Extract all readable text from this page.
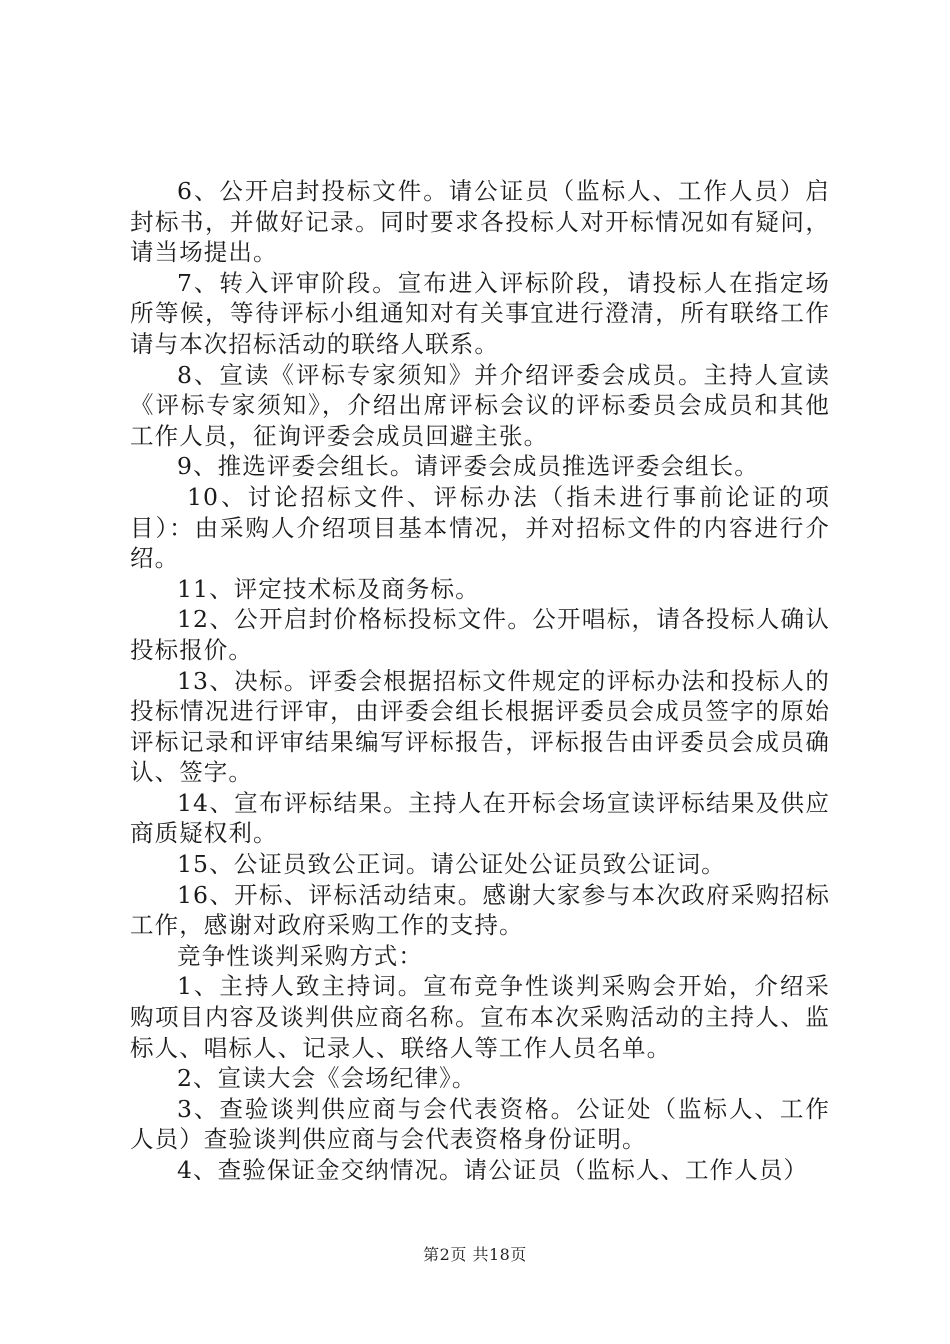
6、公开启封投标文件。请公证员（监标人、工作人员）启封标书，并做好记录。同时要求各投标人对开标情况如有疑问，请当场提出。

7、转入评审阶段。宣布进入评标阶段，请投标人在指定场所等候，等待评标小组通知对有关事宜进行澄清，所有联络工作请与本次招标活动的联络人联系。

8、宣读《评标专家须知》并介绍评委会成员。主持人宣读《评标专家须知》，介绍出席评标会议的评标委员会成员和其他工作人员，征询评委会成员回避主张。

9、推选评委会组长。请评委会成员推选评委会组长。

10、讨论招标文件、评标办法（指未进行事前论证的项目）：由采购人介绍项目基本情况，并对招标文件的内容进行介绍。

11、评定技术标及商务标。

12、公开启封价格标投标文件。公开唱标，请各投标人确认投标报价。

13、决标。评委会根据招标文件规定的评标办法和投标人的投标情况进行评审，由评委会组长根据评委员会成员签字的原始评标记录和评审结果编写评标报告，评标报告由评委员会成员确认、签字。

14、宣布评标结果。主持人在开标会场宣读评标结果及供应商质疑权利。

15、公证员致公正词。请公证处公证员致公证词。

16、开标、评标活动结束。感谢大家参与本次政府采购招标工作，感谢对政府采购工作的支持。

竞争性谈判采购方式：

1、主持人致主持词。宣布竞争性谈判采购会开始，介绍采购项目内容及谈判供应商名称。宣布本次采购活动的主持人、监标人、唱标人、记录人、联络人等工作人员名单。

2、宣读大会《会场纪律》。

3、查验谈判供应商与会代表资格。公证处（监标人、工作人员）查验谈判供应商与会代表资格身份证明。

4、查验保证金交纳情况。请公证员（监标人、工作人员）

第2页 共18页
